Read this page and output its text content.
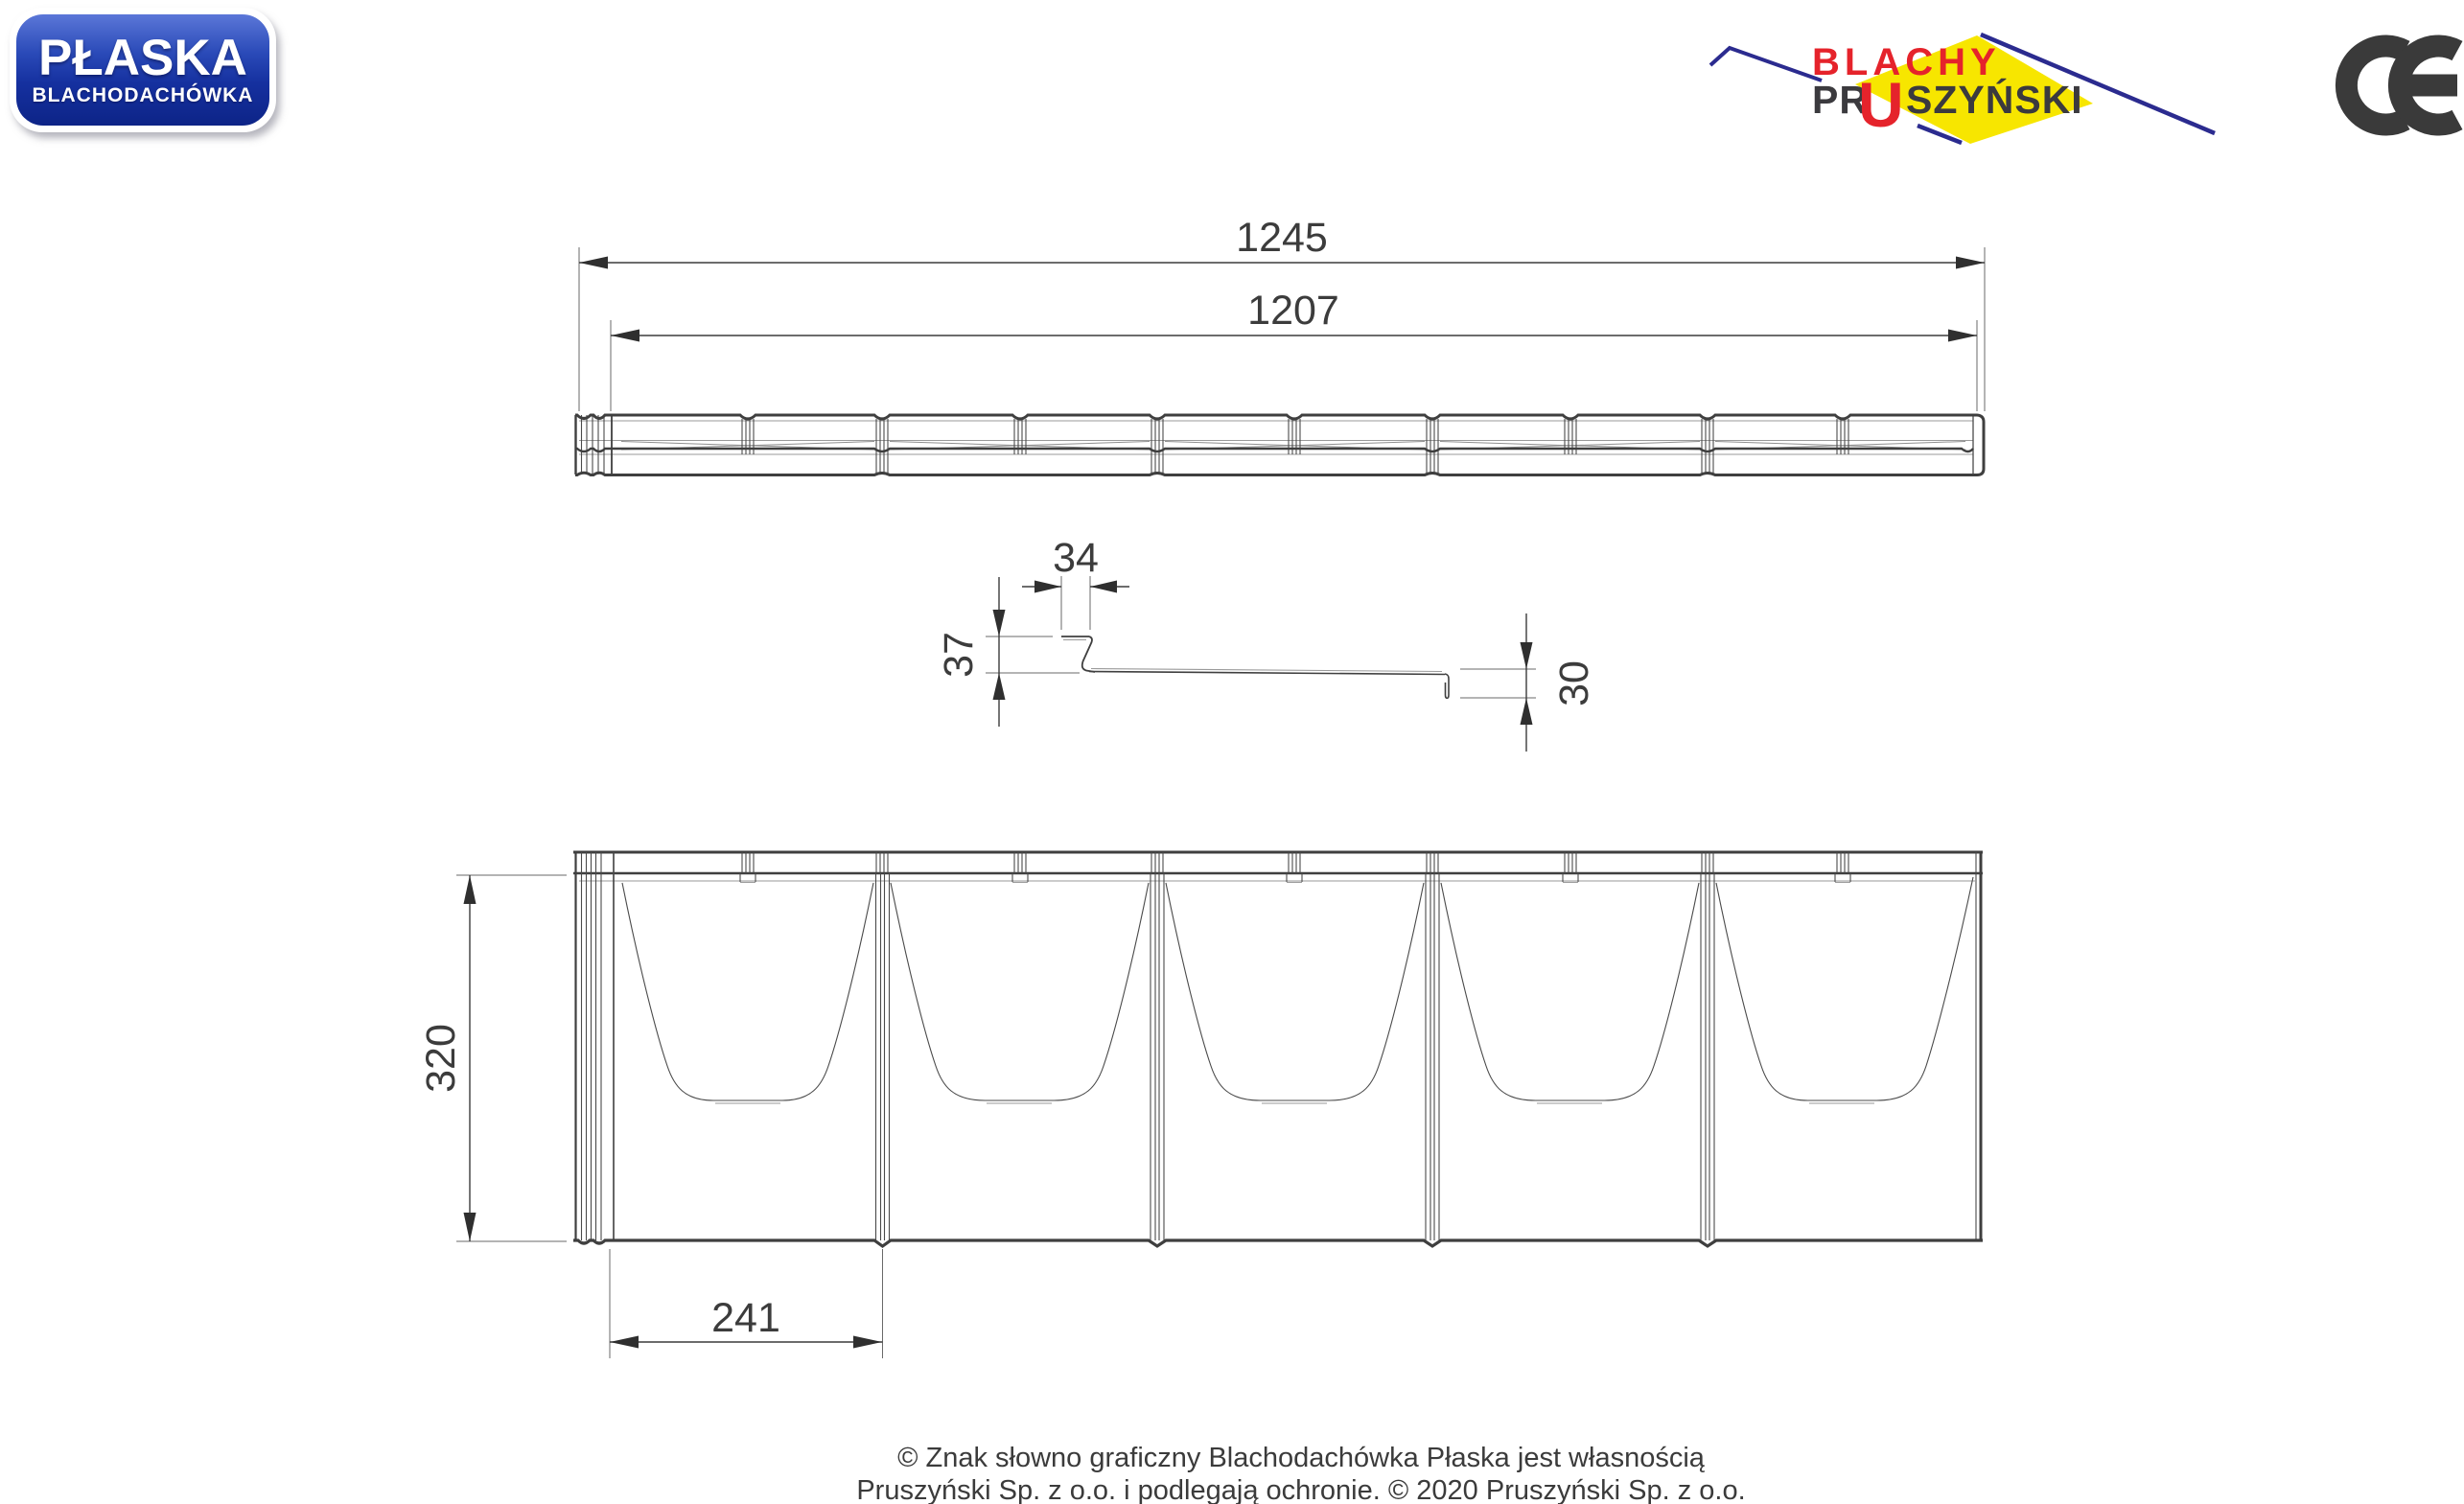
PŁASKA
BLACHODACHÓWKA
BLACHY
PR
U SZYŃSKI
1245
1207
34
37
30
320
241
© Znak słowno graficzny Blachodachówka Płaska jest własnością
Pruszyński Sp. z o.o. i podlegają ochronie. © 2020 Pruszyński Sp. z o.o.
